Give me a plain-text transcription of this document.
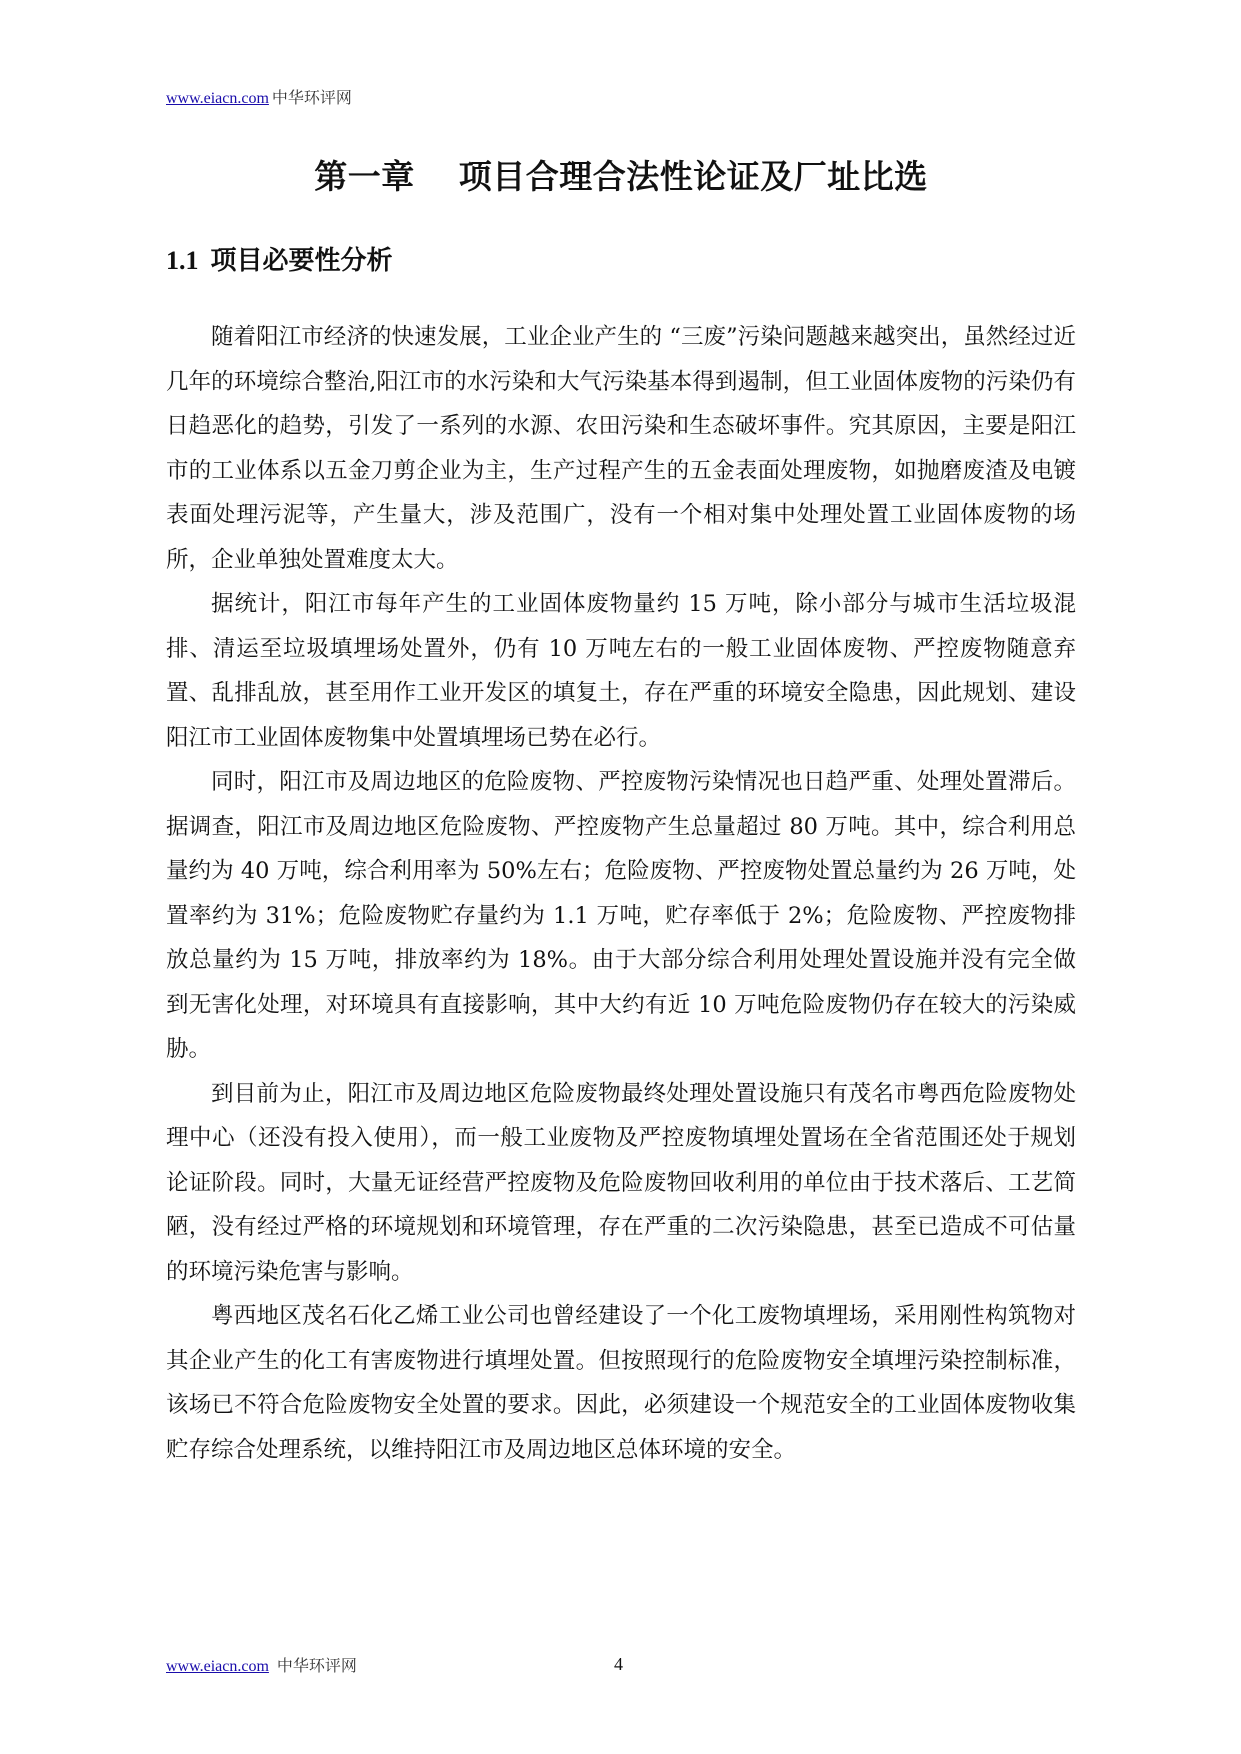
www.eiacn.com 中华环评网
第一章 项目合理合法性论证及厂址比选
1.1 项目必要性分析

随着阳江市经济的快速发展，工业企业产生的 “三废”污染问题越来越突出，虽然经过近几年的环境综合整治,阳江市的水污染和大气污染基本得到遏制，但工业固体废物的污染仍有日趋恶化的趋势，引发了一系列的水源、农田污染和生态破坏事件。究其原因，主要是阳江市的工业体系以五金刀剪企业为主，生产过程产生的五金表面处理废物，如抛磨废渣及电镀表面处理污泥等，产生量大，涉及范围广，没有一个相对集中处理处置工业固体废物的场所，企业单独处置难度太大。

据统计，阳江市每年产生的工业固体废物量约 15 万吨，除小部分与城市生活垃圾混排、清运至垃圾填埋场处置外，仍有 10 万吨左右的一般工业固体废物、严控废物随意弃置、乱排乱放，甚至用作工业开发区的填复土，存在严重的环境安全隐患，因此规划、建设阳江市工业固体废物集中处置填埋场已势在必行。

同时，阳江市及周边地区的危险废物、严控废物污染情况也日趋严重、处理处置滞后。据调查，阳江市及周边地区危险废物、严控废物产生总量超过 80 万吨。其中，综合利用总量约为 40 万吨，综合利用率为 50%左右；危险废物、严控废物处置总量约为 26 万吨，处置率约为 31%；危险废物贮存量约为 1.1 万吨，贮存率低于 2%；危险废物、严控废物排放总量约为 15 万吨，排放率约为 18%。由于大部分综合利用处理处置设施并没有完全做到无害化处理，对环境具有直接影响，其中大约有近 10 万吨危险废物仍存在较大的污染威胁。

到目前为止，阳江市及周边地区危险废物最终处理处置设施只有茂名市粤西危险废物处理中心（还没有投入使用），而一般工业废物及严控废物填埋处置场在全省范围还处于规划论证阶段。同时，大量无证经营严控废物及危险废物回收利用的单位由于技术落后、工艺简陋，没有经过严格的环境规划和环境管理，存在严重的二次污染隐患，甚至已造成不可估量的环境污染危害与影响。

粤西地区茂名石化乙烯工业公司也曾经建设了一个化工废物填埋场，采用刚性构筑物对其企业产生的化工有害废物进行填埋处置。但按照现行的危险废物安全填埋污染控制标准，该场已不符合危险废物安全处置的要求。因此，必须建设一个规范安全的工业固体废物收集贮存综合处理系统，以维持阳江市及周边地区总体环境的安全。

www.eiacn.com 中华环评网	4
